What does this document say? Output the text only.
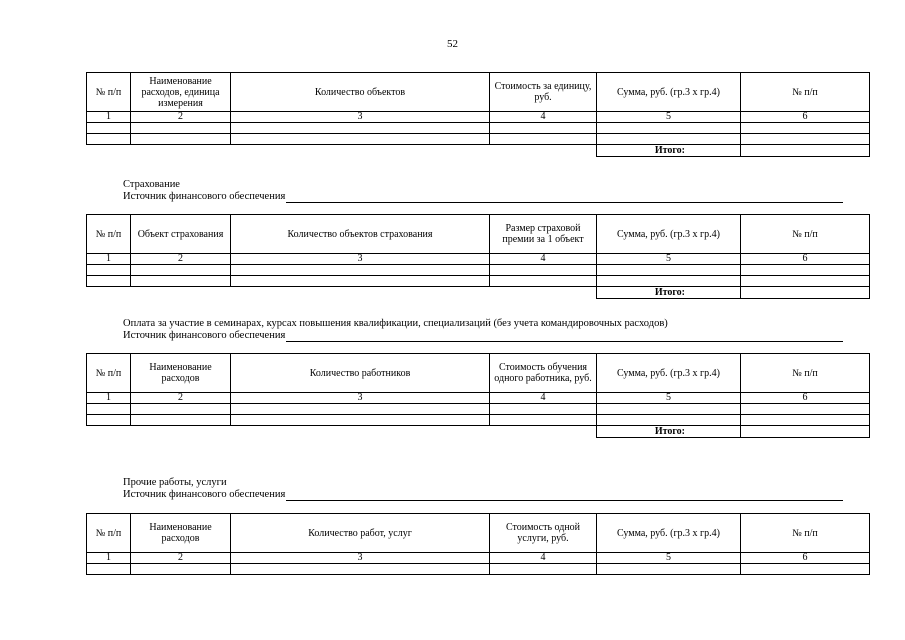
52
№ п/п	Наименование расходов, единица измерения	Количество объектов	Стоимость за единицу, руб.	Сумма, руб. (гр.3 х гр.4)	№ п/п
1	2	3	4	5	6

				Итого:	
Страхование
Источник финансового обеспечения
№ п/п	Объект страхования	Количество объектов страхования	Размер страховой премии за 1 объект	Сумма, руб. (гр.3 х гр.4)	№ п/п
1	2	3	4	5	6

				Итого:	
Оплата за участие в семинарах, курсах повышения квалификации, специализаций (без учета командировочных расходов)
Источник финансового обеспечения
№ п/п	Наименование расходов	Количество работников	Стоимость обучения одного работника, руб.	Сумма, руб. (гр.3 х гр.4)	№ п/п
1	2	3	4	5	6

				Итого:	
Прочие работы, услуги
Источник финансового обеспечения
№ п/п	Наименование расходов	Количество работ, услуг	Стоимость одной услуги, руб.	Сумма, руб. (гр.3 х гр.4)	№ п/п
1	2	3	4	5	6
